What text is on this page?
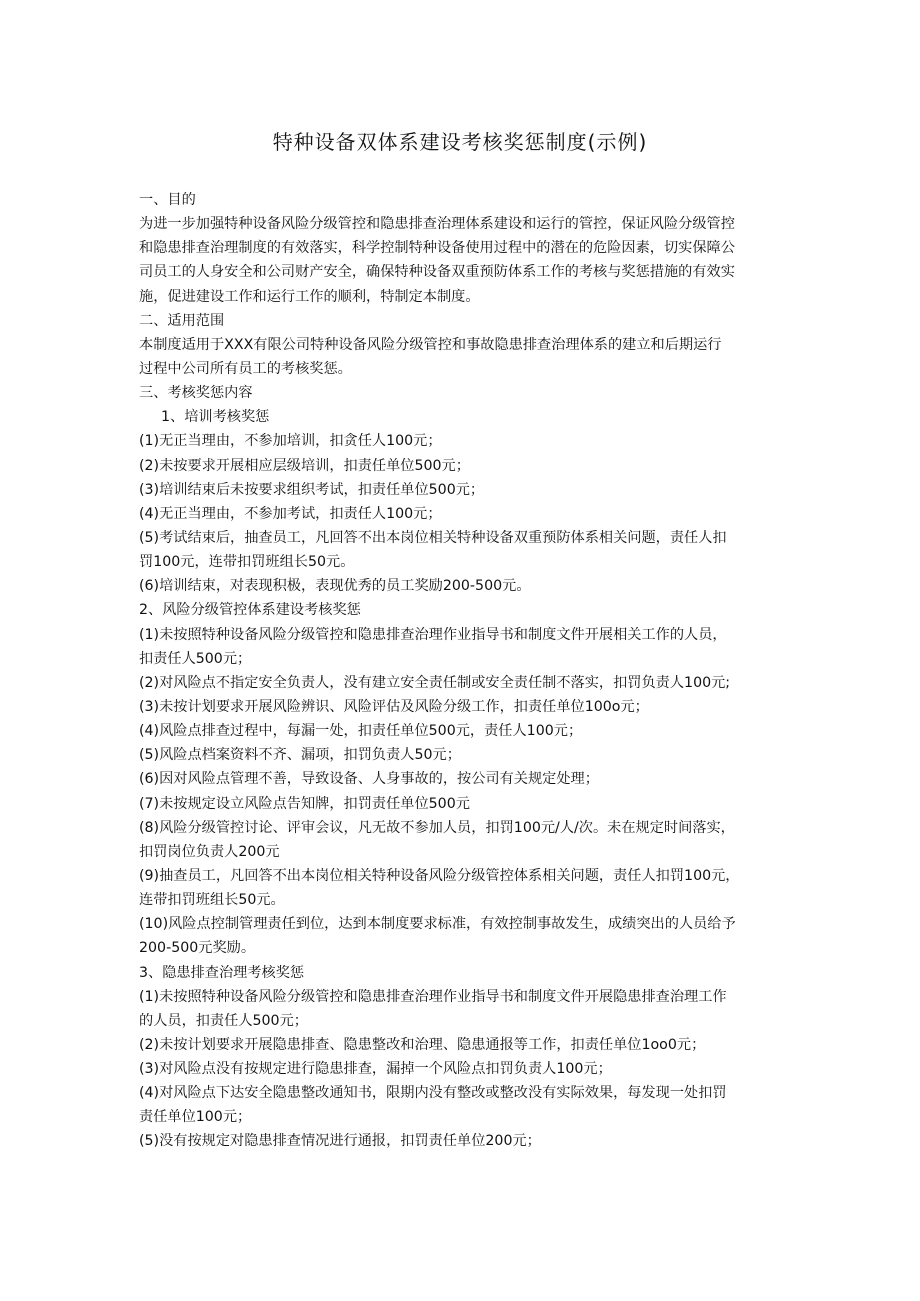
特种设备双体系建设考核奖惩制度(示例)
一、目的
为进一步加强特种设备风险分级管控和隐患排查治理体系建设和运行的管控，保证风险分级管控
和隐患排查治理制度的有效落实，科学控制特种设备使用过程中的潜在的危险因素，切实保障公
司员工的人身安全和公司财产安全，确保特种设备双重预防体系工作的考核与奖惩措施的有效实
施，促进建设工作和运行工作的顺利，特制定本制度。
二、适用范围
本制度适用于XXX有限公司特种设备风险分级管控和事故隐患排查治理体系的建立和后期运行
过程中公司所有员工的考核奖惩。
三、考核奖惩内容
1、培训考核奖惩
(1)无正当理由，不参加培训，扣贪任人100元；
(2)未按要求开展相应层级培训，扣责任单位500元；
(3)培训结束后未按要求组织考试，扣责任单位500元；
(4)无正当理由，不参加考试，扣责任人100元；
(5)考试结束后，抽查员工，凡回答不出本岗位相关特种设备双重预防体系相关问题，责任人扣
罚100元，连带扣罚班组长50元。
(6)培训结束，对表现积极，表现优秀的员工奖励200-500元。
2、风险分级管控体系建设考核奖惩
(1)未按照特种设备风险分级管控和隐患排查治理作业指导书和制度文件开展相关工作的人员，
扣责任人500元；
(2)对风险点不指定安全负责人，没有建立安全责任制或安全责任制不落实，扣罚负责人100元;
(3)未按计划要求开展风险辨识、风险评估及风险分级工作，扣责任单位100o元；
(4)风险点排查过程中，每漏一处，扣责任单位500元，责任人100元；
(5)风险点档案资料不齐、漏项，扣罚负责人50元；
(6)因对风险点管理不善，导致设备、人身事故的，按公司有关规定处理；
(7)未按规定设立风险点告知牌，扣罚责任单位500元
(8)风险分级管控讨论、评审会议，凡无故不参加人员，扣罚100元/人/次。未在规定时间落实，
扣罚岗位负责人200元
(9)抽查员工，凡回答不出本岗位相关特种设备风险分级管控体系相关问题，责任人扣罚100元，
连带扣罚班组长50元。
(10)风险点控制管理责任到位，达到本制度要求标准，有效控制事故发生，成绩突出的人员给予
200-500元奖励。
3、隐患排查治理考核奖惩
(1)未按照特种设备风险分级管控和隐患排查治理作业指导书和制度文件开展隐患排查治理工作
的人员，扣责任人500元；
(2)未按计划要求开展隐患排查、隐患整改和治理、隐患通报等工作，扣责任单位1oo0元；
(3)对风险点没有按规定进行隐患排查，漏掉一个风险点扣罚负责人100元；
(4)对风险点下达安全隐患整改通知书，限期内没有整改或整改没有实际效果，每发现一处扣罚
责任单位100元；
(5)没有按规定对隐患排查情况进行通报，扣罚责任单位200元；
